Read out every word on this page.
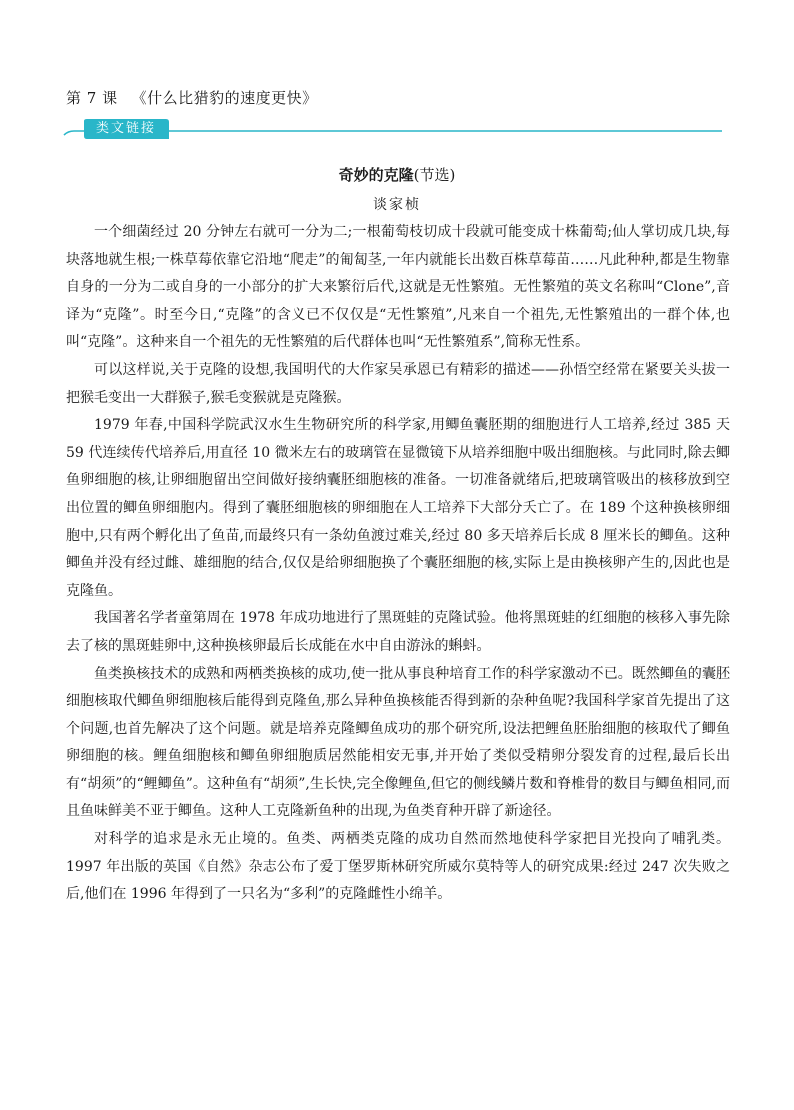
第 7 课 《什么比猎豹的速度更快》
类文链接
奇妙的克隆(节选)
谈家桢

一个细菌经过 20 分钟左右就可一分为二;一根葡萄枝切成十段就可能变成十株葡萄;仙人掌切成几块,每块落地就生根;一株草莓依靠它沿地“爬走”的匍匐茎,一年内就能长出数百株草莓苗……凡此种种,都是生物靠自身的一分为二或自身的一小部分的扩大来繁衍后代,这就是无性繁殖。无性繁殖的英文名称叫“Clone”,音译为“克隆”。时至今日,“克隆”的含义已不仅仅是“无性繁殖”,凡来自一个祖先,无性繁殖出的一群个体,也叫“克隆”。这种来自一个祖先的无性繁殖的后代群体也叫“无性繁殖系”,简称无性系。

可以这样说,关于克隆的设想,我国明代的大作家吴承恩已有精彩的描述——孙悟空经常在紧要关头拔一把猴毛变出一大群猴子,猴毛变猴就是克隆猴。

1979 年春,中国科学院武汉水生生物研究所的科学家,用鲫鱼囊胚期的细胞进行人工培养,经过 385 天 59 代连续传代培养后,用直径 10 微米左右的玻璃管在显微镜下从培养细胞中吸出细胞核。与此同时,除去鲫鱼卵细胞的核,让卵细胞留出空间做好接纳囊胚细胞核的准备。一切准备就绪后,把玻璃管吸出的核移放到空出位置的鲫鱼卵细胞内。得到了囊胚细胞核的卵细胞在人工培养下大部分夭亡了。在 189 个这种换核卵细胞中,只有两个孵化出了鱼苗,而最终只有一条幼鱼渡过难关,经过 80 多天培养后长成 8 厘米长的鲫鱼。这种鲫鱼并没有经过雌、雄细胞的结合,仅仅是给卵细胞换了个囊胚细胞的核,实际上是由换核卵产生的,因此也是克隆鱼。

我国著名学者童第周在 1978 年成功地进行了黑斑蛙的克隆试验。他将黑斑蛙的红细胞的核移入事先除去了核的黑斑蛙卵中,这种换核卵最后长成能在水中自由游泳的蝌蚪。

鱼类换核技术的成熟和两栖类换核的成功,使一批从事良种培育工作的科学家激动不已。既然鲫鱼的囊胚细胞核取代鲫鱼卵细胞核后能得到克隆鱼,那么异种鱼换核能否得到新的杂种鱼呢?我国科学家首先提出了这个问题,也首先解决了这个问题。就是培养克隆鲫鱼成功的那个研究所,设法把鲤鱼胚胎细胞的核取代了鲫鱼卵细胞的核。鲤鱼细胞核和鲫鱼卵细胞质居然能相安无事,并开始了类似受精卵分裂发育的过程,最后长出有“胡须”的“鲤鲫鱼”。这种鱼有“胡须”,生长快,完全像鲤鱼,但它的侧线鳞片数和脊椎骨的数目与鲫鱼相同,而且鱼味鲜美不亚于鲫鱼。这种人工克隆新鱼种的出现,为鱼类育种开辟了新途径。

对科学的追求是永无止境的。鱼类、两栖类克隆的成功自然而然地使科学家把目光投向了哺乳类。1997 年出版的英国《自然》杂志公布了爱丁堡罗斯林研究所威尔莫特等人的研究成果:经过 247 次失败之后,他们在 1996 年得到了一只名为“多利”的克隆雌性小绵羊。
